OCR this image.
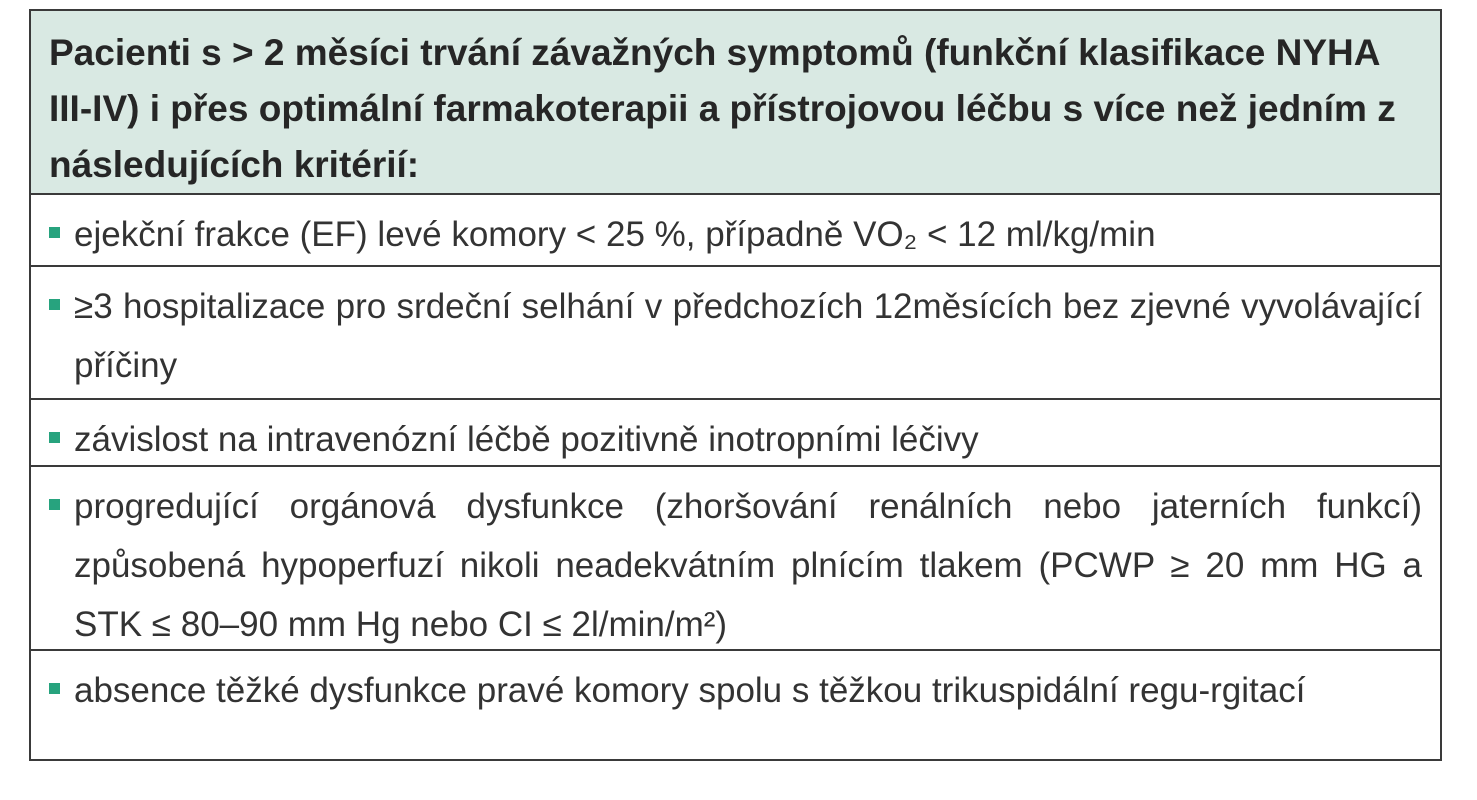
Pacienti s > 2 měsíci trvání závažných symptomů (funkční klasifikace NYHA III-IV) i přes optimální farmakoterapii a přístrojovou léčbu s více než jedním z následujících kritérií:
ejekční frakce (EF) levé komory < 25 %, případně VO₂ < 12 ml/kg/min
≥3 hospitalizace pro srdeční selhání v předchozích 12měsících bez zjevné vyvolávající příčiny
závislost na intravenózní léčbě pozitivně inotropními léčivy
progredující orgánová dysfunkce (zhoršování renálních nebo jaterních funkcí) způsobená hypoperfuzí nikoli neadekvátním plnícím tlakem (PCWP ≥ 20 mm HG a STK ≤ 80–90 mm Hg nebo CI ≤ 2l/min/m²)
absence těžké dysfunkce pravé komory spolu s těžkou trikuspidální regu-rgitací
